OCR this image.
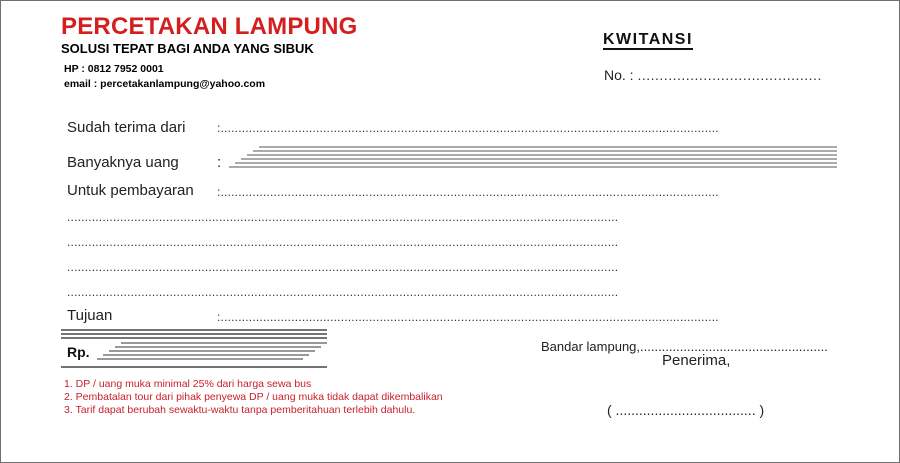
PERCETAKAN LAMPUNG
SOLUSI TEPAT BAGI ANDA YANG SIBUK
HP : 0812 7952 0001
email : percetakanlampung@yahoo.com
KWITANSI
No. : ..........................................
Sudah terima dari	:.............................................................................................................................................
Banyaknya uang	:
Untuk pembayaran :.............................................................................................................................................
............................................................................................................................................................
............................................................................................................................................................
............................................................................................................................................................
............................................................................................................................................................
Tujuan	:.............................................................................................................................................
Rp.
1. DP / uang muka minimal 25% dari harga sewa bus
2. Pembatalan tour dari pihak penyewa DP / uang muka tidak dapat dikembalikan
3. Tarif dapat berubah sewaktu-waktu tanpa pemberitahuan terlebih dahulu.
Bandar lampung,....................................................
Penerima,
( .................................... )
